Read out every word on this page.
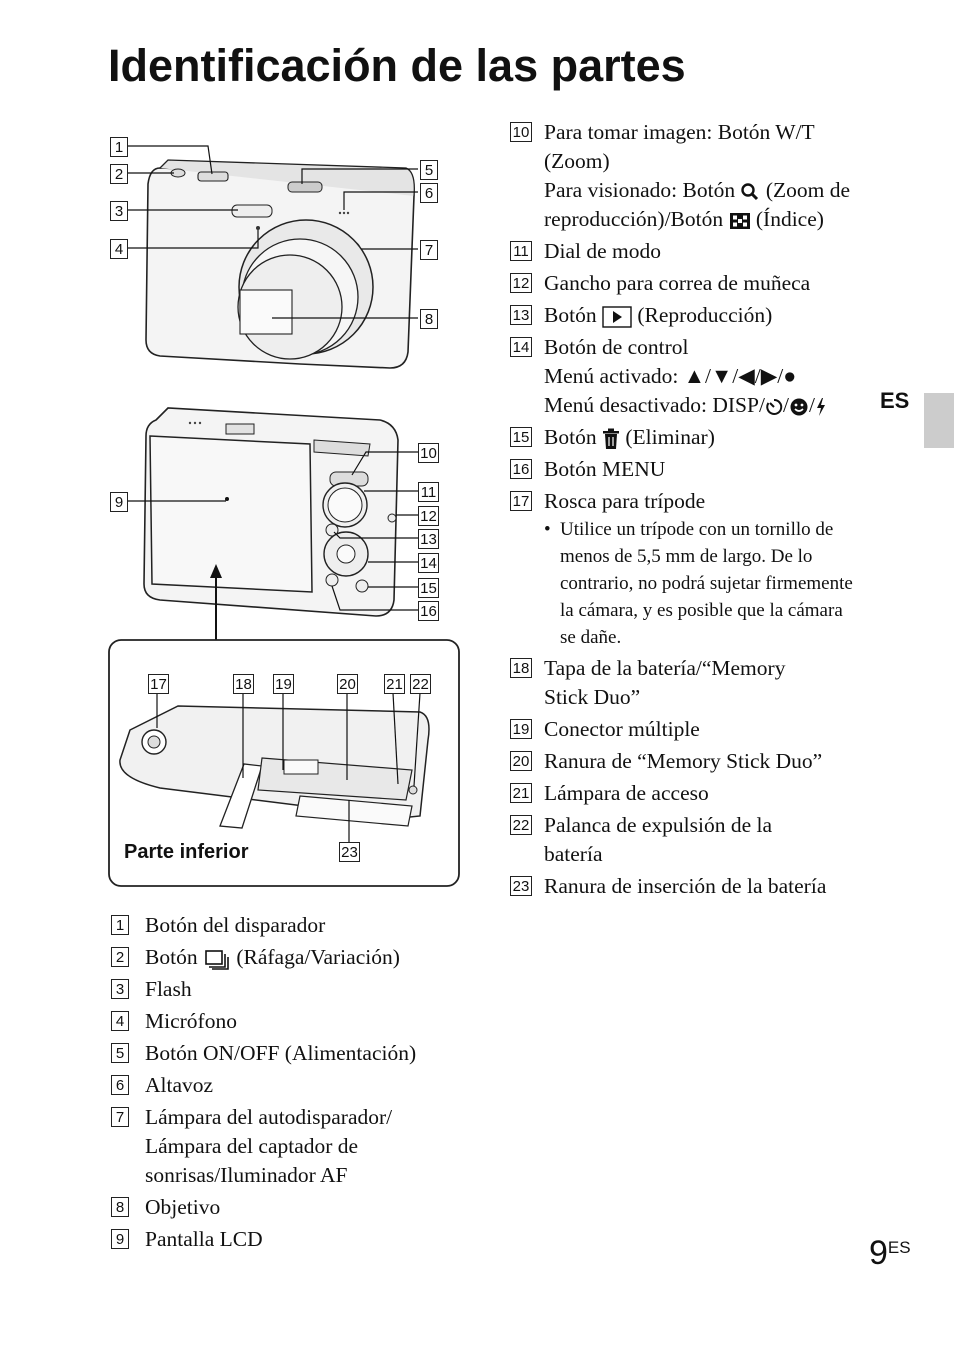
Identificación de las partes
1
2
3
4
5
6
7
8
9
10
11
12
13
14
15
16
17	18 19	20 21 22
23
Parte inferior
1 Botón del disparador
2 Botón (Ráfaga/Variación)
3 Flash
4 Micrófono
5 Botón ON/OFF (Alimentación)
6 Altavoz
7 Lámpara del autodisparador/ Lámpara del captador de sonrisas/Iluminador AF
8 Objetivo
9 Pantalla LCD
10 Para tomar imagen: Botón W/T (Zoom)
Para visionado: Botón (Zoom de reproducción)/Botón (Índice)
11 Dial de modo
12 Gancho para correa de muñeca
13 Botón (Reproducción)
14 Botón de control
Menú activado: ▲/▼/◀/▶/●
Menú desactivado: DISP/ / /
15 Botón (Eliminar)
16 Botón MENU
17 Rosca para trípode
• Utilice un trípode con un tornillo de menos de 5,5 mm de largo. De lo contrario, no podrá sujetar firmemente la cámara, y es posible que la cámara se dañe.
18 Tapa de la batería/“Memory Stick Duo”
19 Conector múltiple
20 Ranura de “Memory Stick Duo”
21 Lámpara de acceso
22 Palanca de expulsión de la batería
23 Ranura de inserción de la batería
ES
$9^{ES}$
